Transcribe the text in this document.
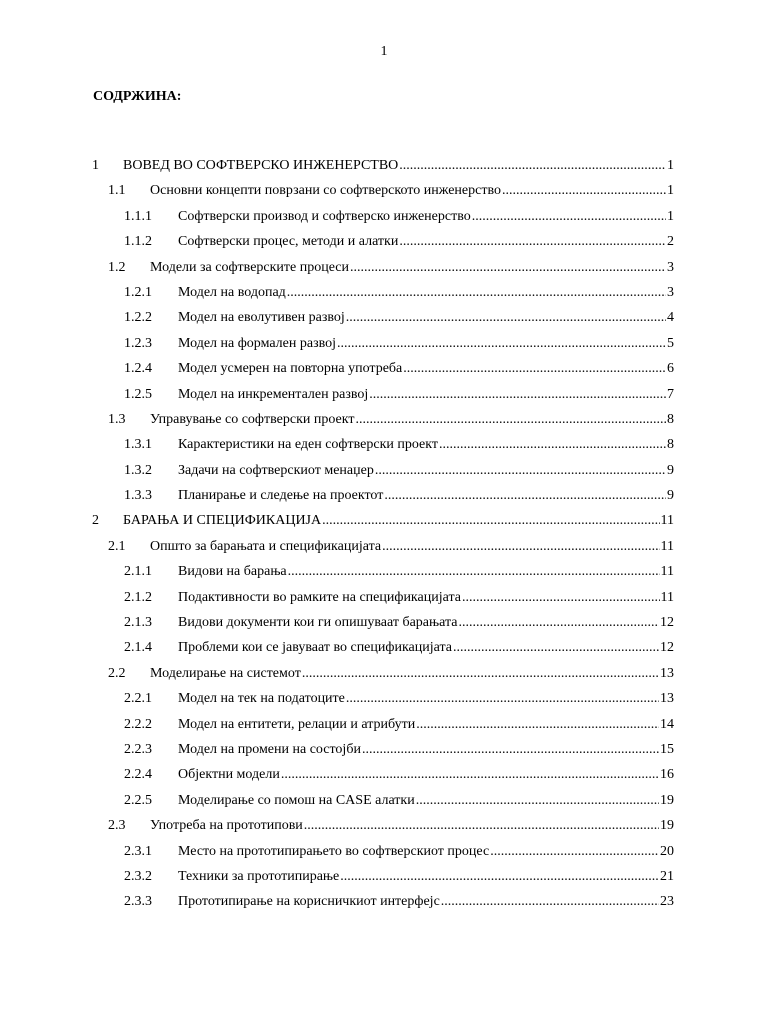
1
СОДРЖИНА:
1 ВОВЕД ВО СОФТВЕРСКО ИНЖЕНЕРСТВО .....	1
1.1 Основни концепти поврзани со софтверското инженерство .....	1
1.1.1 Софтверски производ и софтверско инженерство .....	1
1.1.2 Софтверски процес, методи и алатки .....	2
1.2 Модели за софтверските процеси .....	3
1.2.1 Модел на водопад .....	3
1.2.2 Модел на еволутивен развој .....	4
1.2.3 Модел на формален развој .....	5
1.2.4 Модел усмерен на повторна употреба .....	6
1.2.5 Модел на инкрементален развој .....	7
1.3 Управување со софтверски проект .....	8
1.3.1 Карактеристики на еден софтверски проект .....	8
1.3.2 Задачи на софтверскиот менаџер .....	9
1.3.3 Планирање и следење на проектот .....	9
2 БАРАЊА И СПЕЦИФИКАЦИЈА .....	11
2.1 Општо за барањата и спецификацијата .....	11
2.1.1 Видови на барања .....	11
2.1.2 Подактивности во рамките на спецификацијата .....	11
2.1.3 Видови документи кои ги опишуваат барањата .....	12
2.1.4 Проблеми кои се јавуваат во спецификацијата .....	12
2.2 Моделирање на системот .....	13
2.2.1 Модел на тек на податоците .....	13
2.2.2 Модел на ентитети, релации и атрибути .....	14
2.2.3 Модел на промени на состојби .....	15
2.2.4 Објектни модели .....	16
2.2.5 Моделирање со помош на CASE алатки .....	19
2.3 Употреба на прототипови .....	19
2.3.1 Место на прототипирањето во софтверскиот процес .....	20
2.3.2 Техники за прототипирање .....	21
2.3.3 Прототипирање на корисничкиот интерфејс .....	23
